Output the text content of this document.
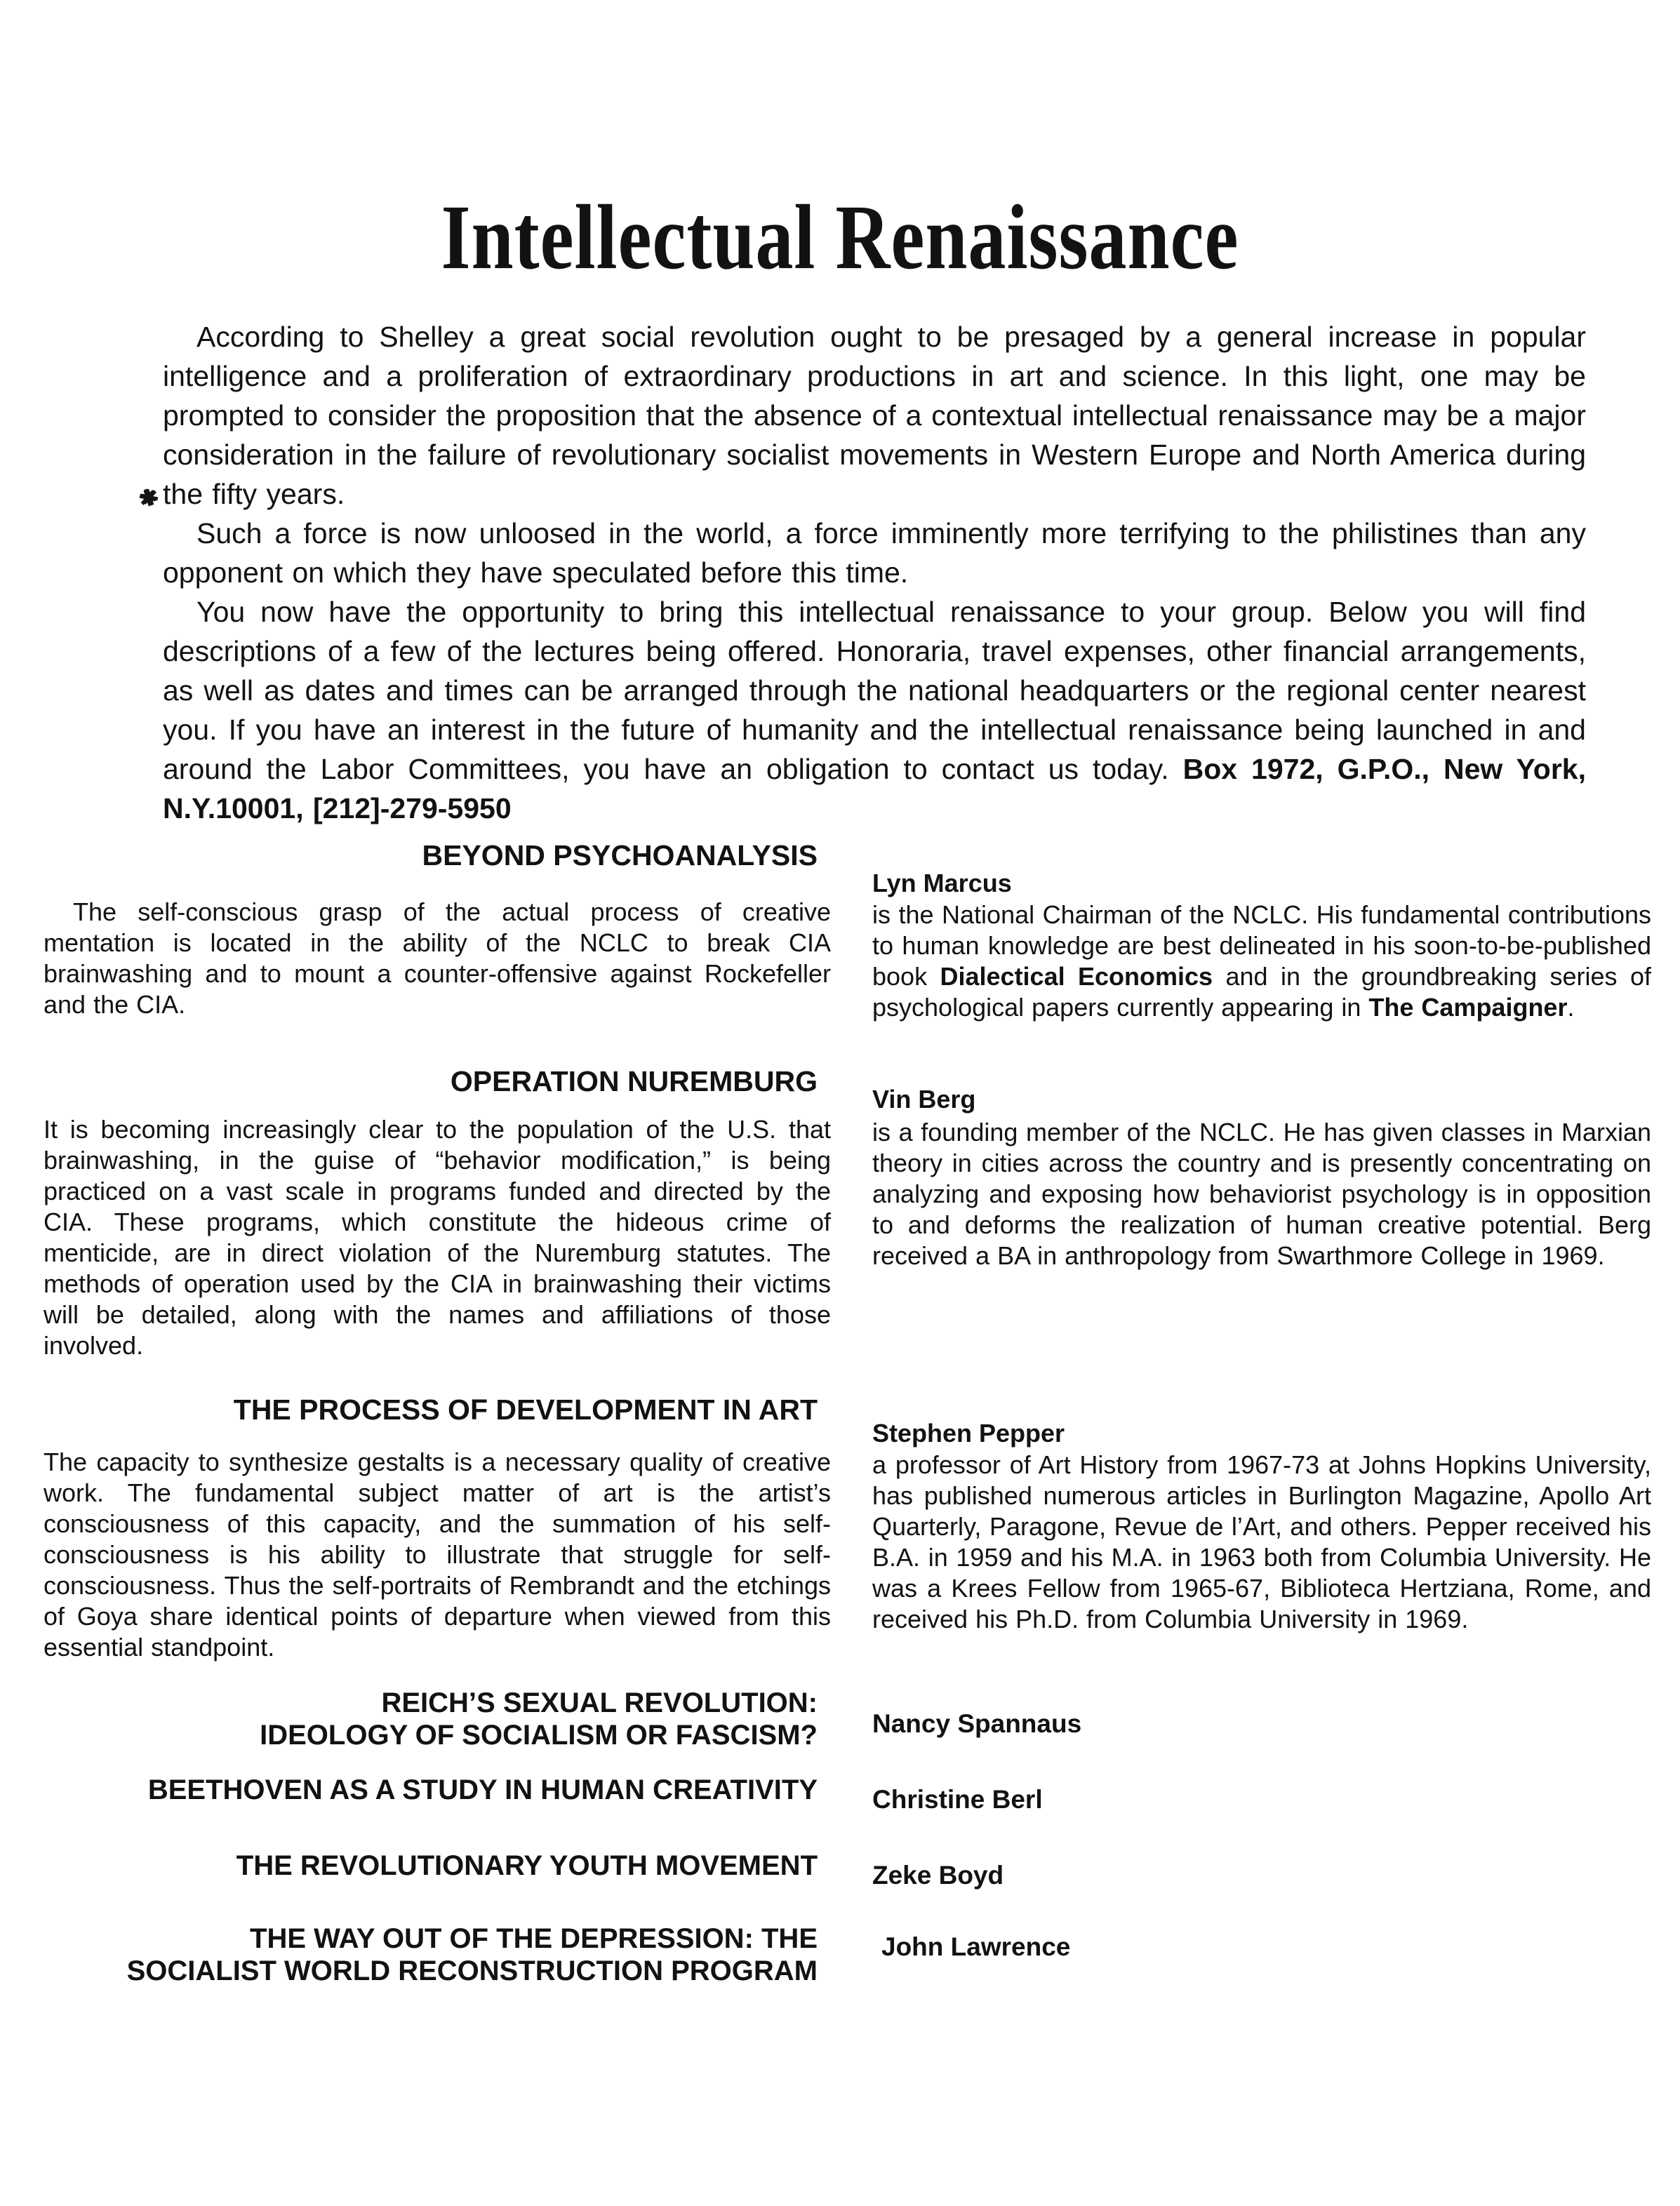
Intellectual Renaissance

According to Shelley a great social revolution ought to be presaged by a general increase in popular intelligence and a proliferation of extraordinary productions in art and science. In this light, one may be prompted to consider the proposition that the absence of a contextual intellectual renaissance may be a major consideration in the failure of revolutionary socialist movements in Western Europe and North America during the fifty years.

Such a force is now unloosed in the world, a force imminently more terrifying to the philistines than any opponent on which they have speculated before this time.

You now have the opportunity to bring this intellectual renaissance to your group. Below you will find descriptions of a few of the lectures being offered. Honoraria, travel expenses, other financial arrangements, as well as dates and times can be arranged through the national headquarters or the regional center nearest you. If you have an interest in the future of humanity and the intellectual renaissance being launched in and around the Labor Committees, you have an obligation to contact us today. Box 1972, G.P.O., New York, N.Y.10001, [212]-279-5950

✱
BEYOND PSYCHOANALYSIS
The self-conscious grasp of the actual process of creative mentation is located in the ability of the NCLC to break CIA brainwashing and to mount a counter-offensive against Rockefeller and the CIA.
Lyn Marcus
is the National Chairman of the NCLC. His fundamental contributions to human knowledge are best delineated in his soon-to-be-published book Dialectical Economics and in the groundbreaking series of psychological papers currently appearing in The Campaigner.
OPERATION NUREMBURG
It is becoming increasingly clear to the population of the U.S. that brainwashing, in the guise of “behavior modification,” is being practiced on a vast scale in programs funded and directed by the CIA. These programs, which constitute the hideous crime of menticide, are in direct violation of the Nuremburg statutes. The methods of operation used by the CIA in brainwashing their victims will be detailed, along with the names and affiliations of those involved.
Vin Berg
is a founding member of the NCLC. He has given classes in Marxian theory in cities across the country and is presently concentrating on analyzing and exposing how behaviorist psychology is in opposition to and deforms the realization of human creative potential. Berg received a BA in anthropology from Swarthmore College in 1969.
THE PROCESS OF DEVELOPMENT IN ART
The capacity to synthesize gestalts is a necessary quality of creative work. The fundamental subject matter of art is the artist’s consciousness of this capacity, and the summation of his self-consciousness is his ability to illustrate that struggle for self-consciousness. Thus the self-portraits of Rembrandt and the etchings of Goya share identical points of departure when viewed from this essential standpoint.
Stephen Pepper
a professor of Art History from 1967-73 at Johns Hopkins University, has published numerous articles in Burlington Magazine, Apollo Art Quarterly, Paragone, Revue de l’Art, and others. Pepper received his B.A. in 1959 and his M.A. in 1963 both from Columbia University. He was a Krees Fellow from 1965-67, Biblioteca Hertziana, Rome, and received his Ph.D. from Columbia University in 1969.
REICH’S SEXUAL REVOLUTION:
IDEOLOGY OF SOCIALISM OR FASCISM? Nancy Spannaus
BEETHOVEN AS A STUDY IN HUMAN CREATIVITY Christine Berl
THE REVOLUTIONARY YOUTH MOVEMENT Zeke Boyd
THE WAY OUT OF THE DEPRESSION: THE
SOCIALIST WORLD RECONSTRUCTION PROGRAM
John Lawrence
